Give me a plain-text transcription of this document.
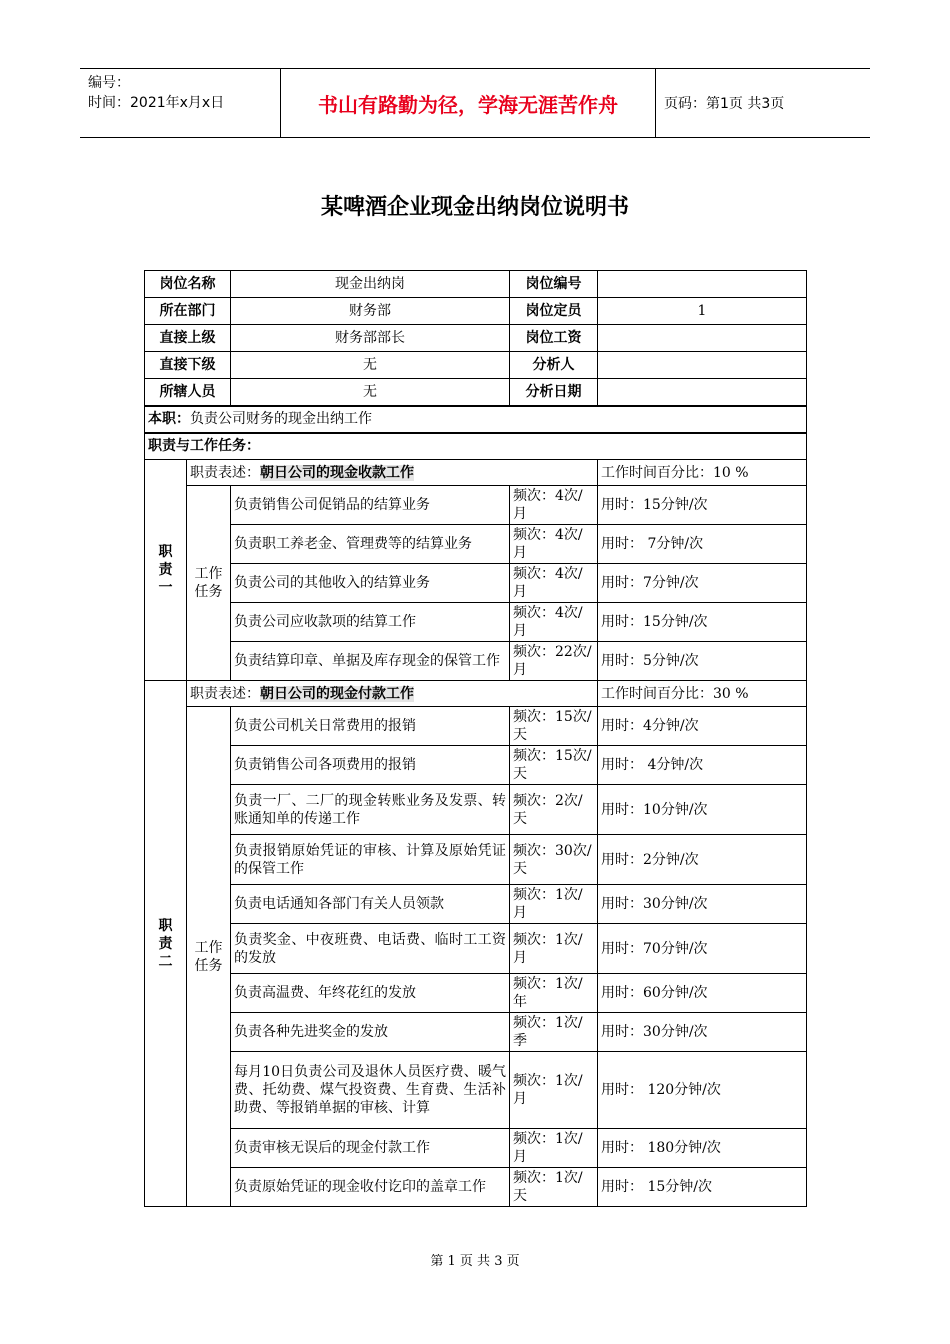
编号：
时间：2021年x月x日	书山有路勤为径，学海无涯苦作舟	页码：第1页 共3页
某啤酒企业现金出纳岗位说明书
岗位名称		现金出纳岗	岗位编号	
所在部门		财务部	岗位定员	1
直接上级		财务部部长	岗位工资	
直接下级		无	分析人	
所辖人员		无	分析日期	
本职：负责公司财务的现金出纳工作				
职责与工作任务：				
职责一	职责表述：朝日公司的现金收款工作			工作时间百分比：10 %
	工作任务	负责销售公司促销品的结算业务	频次：4次/月	用时：15分钟/次
		负责职工养老金、管理费等的结算业务	频次：4次/月	用时： 7分钟/次
		负责公司的其他收入的结算业务	频次：4次/月	用时：7分钟/次
		负责公司应收款项的结算工作	频次：4次/月	用时：15分钟/次
		负责结算印章、单据及库存现金的保管工作	频次：22次/月	用时：5分钟/次
职责二	职责表述：朝日公司的现金付款工作			工作时间百分比：30 %
	工作任务	负责公司机关日常费用的报销	频次：15次/天	用时：4分钟/次
		负责销售公司各项费用的报销	频次：15次/天	用时： 4分钟/次
		负责一厂、二厂的现金转账业务及发票、转账通知单的传递工作	频次：2次/天	用时：10分钟/次
		负责报销原始凭证的审核、计算及原始凭证的保管工作	频次：30次/天	用时：2分钟/次
		负责电话通知各部门有关人员领款	频次：1次/月	用时：30分钟/次
		负责奖金、中夜班费、电话费、临时工工资的发放	频次：1次/月	用时：70分钟/次
		负责高温费、年终花红的发放	频次：1次/年	用时：60分钟/次
		负责各种先进奖金的发放	频次：1次/季	用时：30分钟/次
		每月10日负责公司及退休人员医疗费、暖气费、托幼费、煤气投资费、生育费、生活补助费、等报销单据的审核、计算	频次：1次/月	用时： 120分钟/次
		负责审核无误后的现金付款工作	频次：1次/月	用时： 180分钟/次
		负责原始凭证的现金收付讫印的盖章工作	频次：1次/天	用时： 15分钟/次
第 1 页 共 3 页
